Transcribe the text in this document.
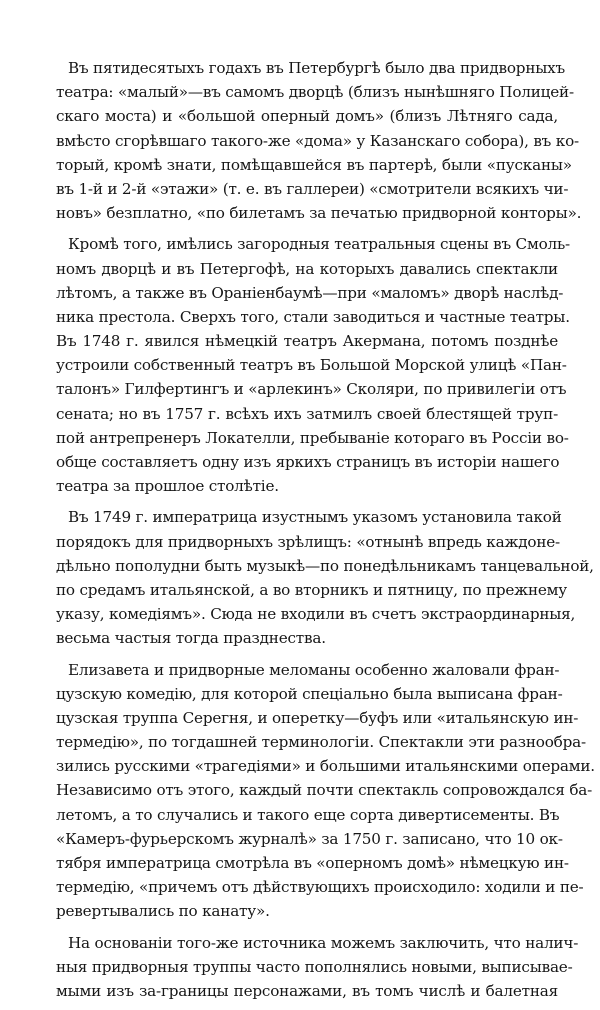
Въ пятидесятыхъ годахъ въ Петербургѣ было два придворныхъ
театра: «малый»—въ самомъ дворцѣ (близъ нынѣшняго Полицей-
скаго моста) и «большой оперный домъ» (близъ Лѣтняго сада,
вмѣсто сгорѣвшаго такого-же «дома» у Казанскаго собора), въ ко-
торый, кромѣ знати, помѣщавшейся въ партерѣ, были «пусканы»
въ 1-й и 2-й «этажи» (т. е. въ галлереи) «смотрители всякихъ чи-
новъ» безплатно, «по билетамъ за печатью придворной конторы».
Кромѣ того, имѣлись загородныя театральныя сцены въ Смоль-
номъ дворцѣ и въ Петергофѣ, на которыхъ давались спектакли
лѣтомъ, а также въ Ораніенбаумѣ—при «маломъ» дворѣ наслѣд-
ника престола. Сверхъ того, стали заводиться и частные театры.
Въ 1748 г. явился нѣмецкій театръ Акермана, потомъ позднѣе
устроили собственный театръ въ Большой Морской улицѣ «Пан-
талонъ» Гилфертингъ и «арлекинъ» Сколяри, по привилегіи отъ
сената; но въ 1757 г. всѣхъ ихъ затмилъ своей блестящей труп-
пой антрепренеръ Локателли, пребываніе котораго въ Россіи во-
обще составляетъ одну изъ яркихъ страницъ въ исторіи нашего
театра за прошлое столѣтіе.
Въ 1749 г. императрица изустнымъ указомъ установила такой
порядокъ для придворныхъ зрѣлищъ: «отнынѣ впредь каждоне-
дѣльно пополудни быть музыкѣ—по понедѣльникамъ танцевальной,
по средамъ итальянской, а во вторникъ и пятницу, по прежнему
указу, комедіямъ». Сюда не входили въ счетъ экстраординарныя,
весьма частыя тогда празднества.
Елизавета и придворные меломаны особенно жаловали фран-
цузскую комедію, для которой спеціально была выписана фран-
цузская труппа Серегня, и оперетку—буфъ или «итальянскую ин-
термедію», по тогдашней терминологіи. Спектакли эти разнообра-
зились русскими «трагедіями» и большими итальянскими операми.
Независимо отъ этого, каждый почти спектакль сопровождался ба-
летомъ, а то случались и такого еще сорта дивертисементы. Въ
«Камеръ-фурьерскомъ журналѣ» за 1750 г. записано, что 10 ок-
тября императрица смотрѣла въ «оперномъ домѣ» нѣмецкую ин-
термедію, «причемъ отъ дѣйствующихъ происходило: ходили и пе-
ревертывались по канату».
На основаніи того-же источника можемъ заключить, что налич-
ныя придворныя труппы часто пополнялись новыми, выписывае-
мыми изъ за-границы персонажами, въ томъ числѣ и балетная
